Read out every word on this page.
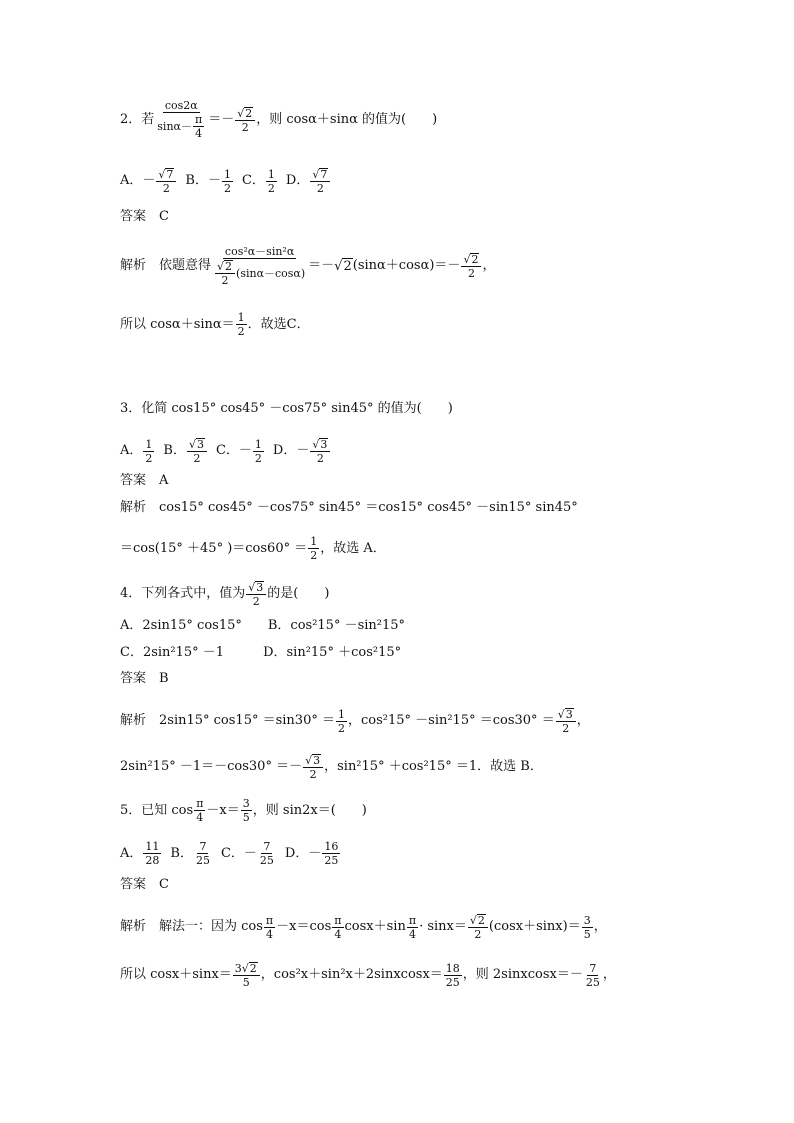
2．若 $\frac{\cos 2\alpha}{\sin\alpha- \frac{\pi}{4}} =- \frac{√2}{2}$ ，则 cosα＋sinα 的值为(　　)
A．－ $\frac{√7}{2}$ B．－ $\frac{1}{2}$ C． $\frac{1}{2}$ D． $\frac{√7}{2}$
答案　C
解析　依题意得 $\frac{\text{cos²α－sin²α}}{\frac{√2}{2} (\sin\alpha-\cos\alpha)} =- √2$ $(\sin\alpha+\cos\alpha)=- \frac{√2}{2}$ ，
所以 $\cos\alpha+\sin\alpha= \frac{1}{2}$ ．故选C．
3．化简 cos15° cos45° －cos75° sin45° 的值为(　　)
A． $\frac{1}{2}$ B． $\frac{√3}{2}$ C．－ $\frac{1}{2}$ D．－ $\frac{√3}{2}$
答案　A
解析　cos15° cos45° －cos75° sin45° ＝cos15° cos45° －sin15° sin45°
＝cos(15° ＋45° )$=\cos 60^\circ = \frac{1}{2}$ ，故选 A．
4．下列各式中，值为 $\frac{√3}{2}$ 的是(　　)
A．2sin15° cos15°　　B．cos²15° －sin²15°
C．2sin²15° －1　　　D．sin²15° ＋cos²15°
答案　B
解析　2sin15° $\cos 15^\circ =\sin 30^\circ = \frac{1}{2}$ ，$\cos^215^\circ -\sin^215^\circ =\cos 30^\circ = \frac{√3}{2}$ ，
$2\sin^215^\circ -1=-\cos 30^\circ =- \frac{√3}{2}$ ，sin²15° ＋cos²15° ＝1．故选 B．
5．已知 $\cos \frac{\pi}{4} -x= \frac{3}{5}$ ，则 sin2x＝(　　)
A． $\frac{11}{28}$ B． $\frac{7}{25}$ C．－ $\frac{7}{25}$ D．－ $\frac{16}{25}$
答案　C
解析　解法一：因为 $\cos \frac{\pi}{4} -x=\cos \frac{\pi}{4} \cos x+\sin \frac{\pi}{4} \cdot \sin x= \frac{√2}{2} (\cos x+\sin x)= \frac{3}{5}$ ，
所以 $\cos x+\sin x= \frac{3√2}{5}$ ，cos²x＋sin²x＋2sinxcosx＝ $\frac{18}{25}$ ，则 2sinxcosx＝－ $\frac{7}{25}$ ，
